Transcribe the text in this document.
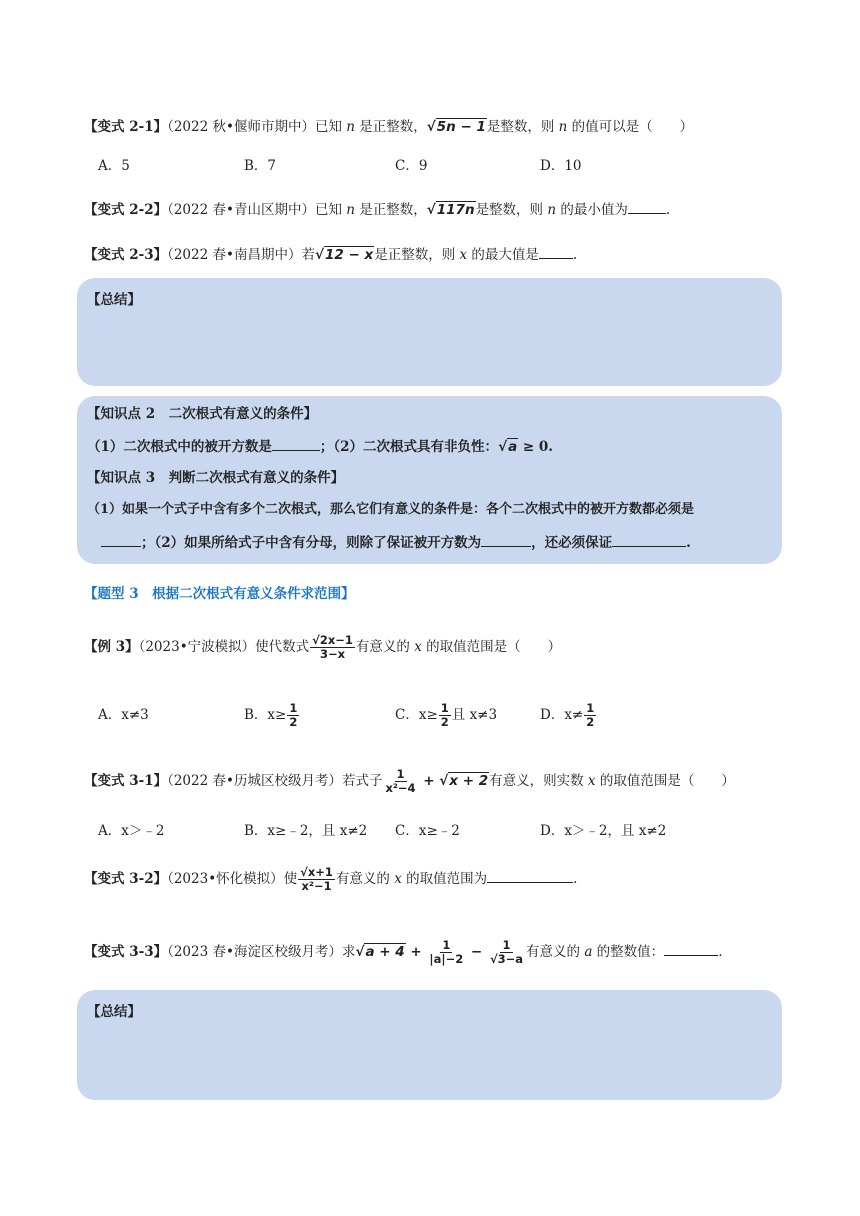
【变式 2-1】（2022 秋•偃师市期中）已知 n 是正整数，√5n − 1是整数，则 n 的值可以是（　　）
A．5	B．7	C．9	D．10
【变式 2-2】（2022 春•青山区期中）已知 n 是正整数，√117n是整数，则 n 的最小值为	.
【变式 2-3】（2022 春•南昌期中）若√12 − x是正整数，则 x 的最大值是	.
【总结】
【知识点 2　二次根式有意义的条件】
（1）二次根式中的被开方数是	；（2）二次根式具有非负性：√a ≥ 0.
【知识点 3　判断二次根式有意义的条件】
（1）如果一个式子中含有多个二次根式，那么它们有意义的条件是：各个二次根式中的被开方数都必须是
；（2）如果所给式子中含有分母，则除了保证被开方数为	，还必须保证	.
【题型 3　根据二次根式有意义条件求范围】
【例 3】（2023•宁波模拟）使代数式 $\frac{√2x-1}{3-x}$ 有意义的 x 的取值范围是（　　）
A．x≠3	B．$x\ge \frac{1}{2}$	C．$x\ge \frac{1}{2}$ 且 x≠3	D．$x\ne \frac{1}{2}$
【变式 3-1】（2022 春•历城区校级月考）若式子 $\frac{1}{\text{x²−4}} + √x + 2$有意义，则实数 x 的取值范围是（　　）
A．x＞﹣2	B．x≥﹣2，且 x≠2 C．x≥﹣2	D．x＞﹣2，且 x≠2
【变式 3-2】（2023•怀化模拟）使 $\frac{√x+1}{\text{x²−1}}$ 有意义的 x 的取值范围为	.
【变式 3-3】（2023 春•海淀区校级月考）求$√a + 4 + \frac{1}{|a|-2} - \frac{1}{√3-a}$ 有意义的 a 的整数值：	.
【总结】
